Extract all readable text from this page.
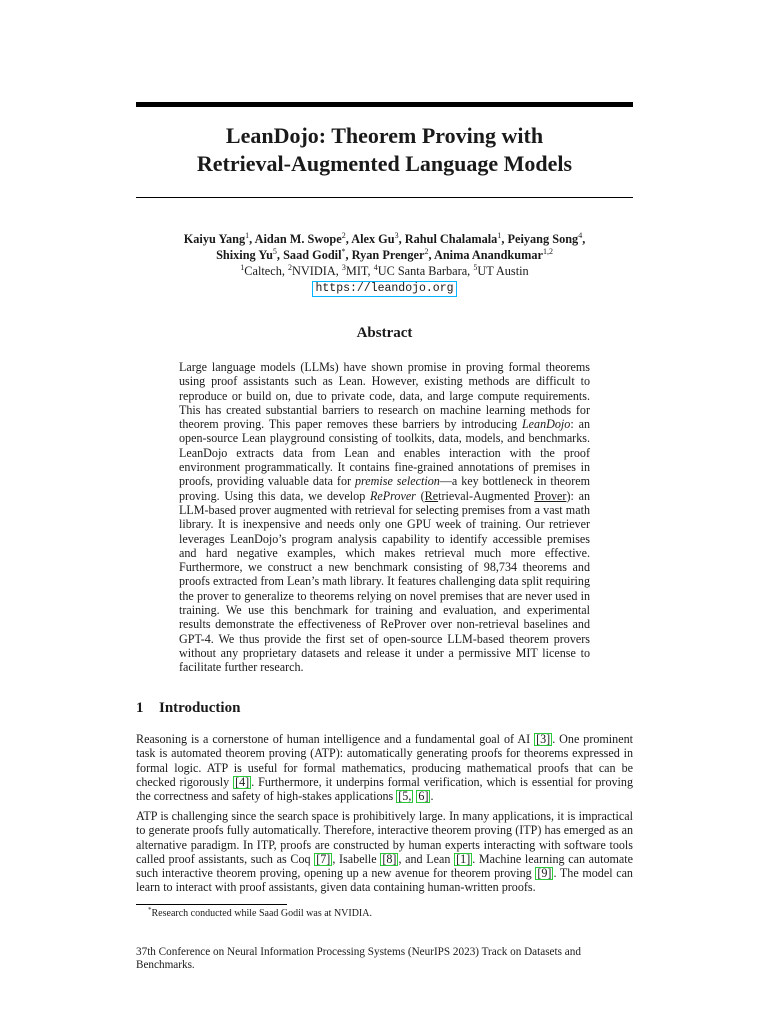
LeanDojo: Theorem Proving with
Retrieval-Augmented Language Models
Kaiyu Yang$^1$, Aidan M. Swope$^2$, Alex Gu$^3$, Rahul Chalamala$^1$, Peiyang Song$^4$,
Shixing Yu$^5$, Saad Godil*, Ryan Prenger$^2$, Anima Anandkumar$^{1,2}$
$^1$Caltech, $^2$NVIDIA, $^3$MIT, $^4$UC Santa Barbara, $^5$UT Austin
https://leandojo.org
Abstract
Large language models (LLMs) have shown promise in proving formal theorems using proof assistants such as Lean. However, existing methods are difficult to reproduce or build on, due to private code, data, and large compute requirements. This has created substantial barriers to research on machine learning methods for theorem proving. This paper removes these barriers by introducing LeanDojo: an open-source Lean playground consisting of toolkits, data, models, and benchmarks. LeanDojo extracts data from Lean and enables interaction with the proof environment programmatically. It contains fine-grained annotations of premises in proofs, providing valuable data for premise selection—a key bottleneck in theorem proving. Using this data, we develop ReProver (Retrieval-Augmented Prover): an LLM-based prover augmented with retrieval for selecting premises from a vast math library. It is inexpensive and needs only one GPU week of training. Our retriever leverages LeanDojo’s program analysis capability to identify accessible premises and hard negative examples, which makes retrieval much more effective. Furthermore, we construct a new benchmark consisting of 98,734 theorems and proofs extracted from Lean’s math library. It features challenging data split requiring the prover to generalize to theorems relying on novel premises that are never used in training. We use this benchmark for training and evaluation, and experimental results demonstrate the effectiveness of ReProver over non-retrieval baselines and GPT-4. We thus provide the first set of open-source LLM-based theorem provers without any proprietary datasets and release it under a permissive MIT license to facilitate further research.
1 Introduction
Reasoning is a cornerstone of human intelligence and a fundamental goal of AI [3] . One prominent task is automated theorem proving (ATP): automatically generating proofs for theorems expressed in formal logic. ATP is useful for formal mathematics, producing mathematical proofs that can be checked rigorously [4] . Furthermore, it underpins formal verification, which is essential for proving the correctness and safety of high-stakes applications [5, 6] .
ATP is challenging since the search space is prohibitively large. In many applications, it is impractical to generate proofs fully automatically. Therefore, interactive theorem proving (ITP) has emerged as an alternative paradigm. In ITP, proofs are constructed by human experts interacting with software tools called proof assistants, such as Coq [7] , Isabelle [8] , and Lean [1] . Machine learning can automate such interactive theorem proving, opening up a new avenue for theorem proving [9] . The model can learn to interact with proof assistants, given data containing human-written proofs.
*Research conducted while Saad Godil was at NVIDIA.
37th Conference on Neural Information Processing Systems (NeurIPS 2023) Track on Datasets and Benchmarks.
